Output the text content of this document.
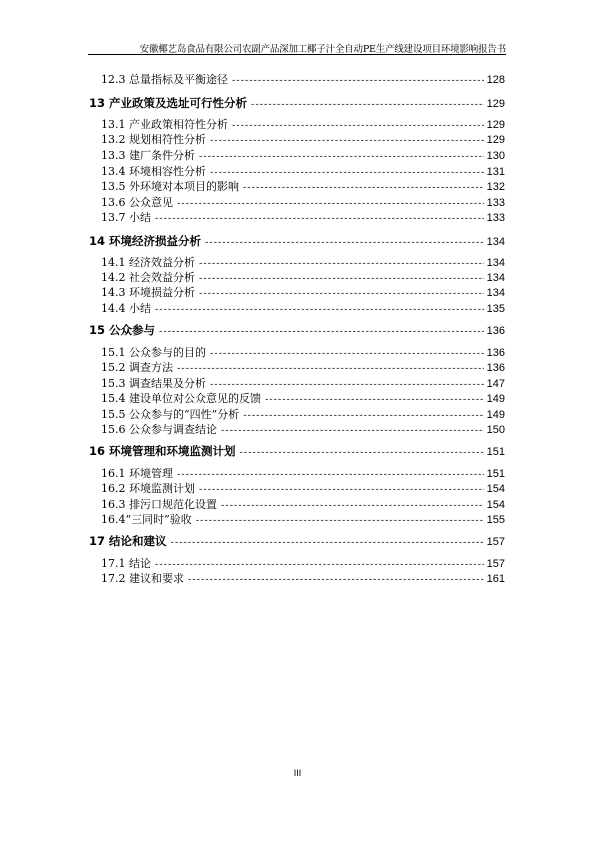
安徽椰艺岛食品有限公司农副产品深加工椰子汁全自动PE生产线建设项目环境影响报告书
12.3 总量指标及平衡途径 -----	128
13 产业政策及选址可行性分析 -----	129
13.1 产业政策相符性分析 -----	129
13.2 规划相符性分析 -----	129
13.3 建厂条件分析 -----	130
13.4 环境相容性分析 -----	131
13.5 外环境对本项目的影响 -----	132
13.6 公众意见 -----	133
13.7 小结 -----	133
14 环境经济损益分析 -----	134
14.1 经济效益分析 -----	134
14.2 社会效益分析 -----	134
14.3 环境损益分析 -----	134
14.4 小结 -----	135
15 公众参与 -----	136
15.1 公众参与的目的 -----	136
15.2 调查方法 -----	136
15.3 调查结果及分析 -----	147
15.4 建设单位对公众意见的反馈 -----	149
15.5 公众参与的“四性”分析 -----	149
15.6 公众参与调查结论 -----	150
16 环境管理和环境监测计划 -----	151
16.1 环境管理 -----	151
16.2 环境监测计划 -----	154
16.3 排污口规范化设置 -----	154
16.4“三同时”验收 -----	155
17 结论和建议 -----	157
17.1 结论 -----	157
17.2 建议和要求 -----	161
III
